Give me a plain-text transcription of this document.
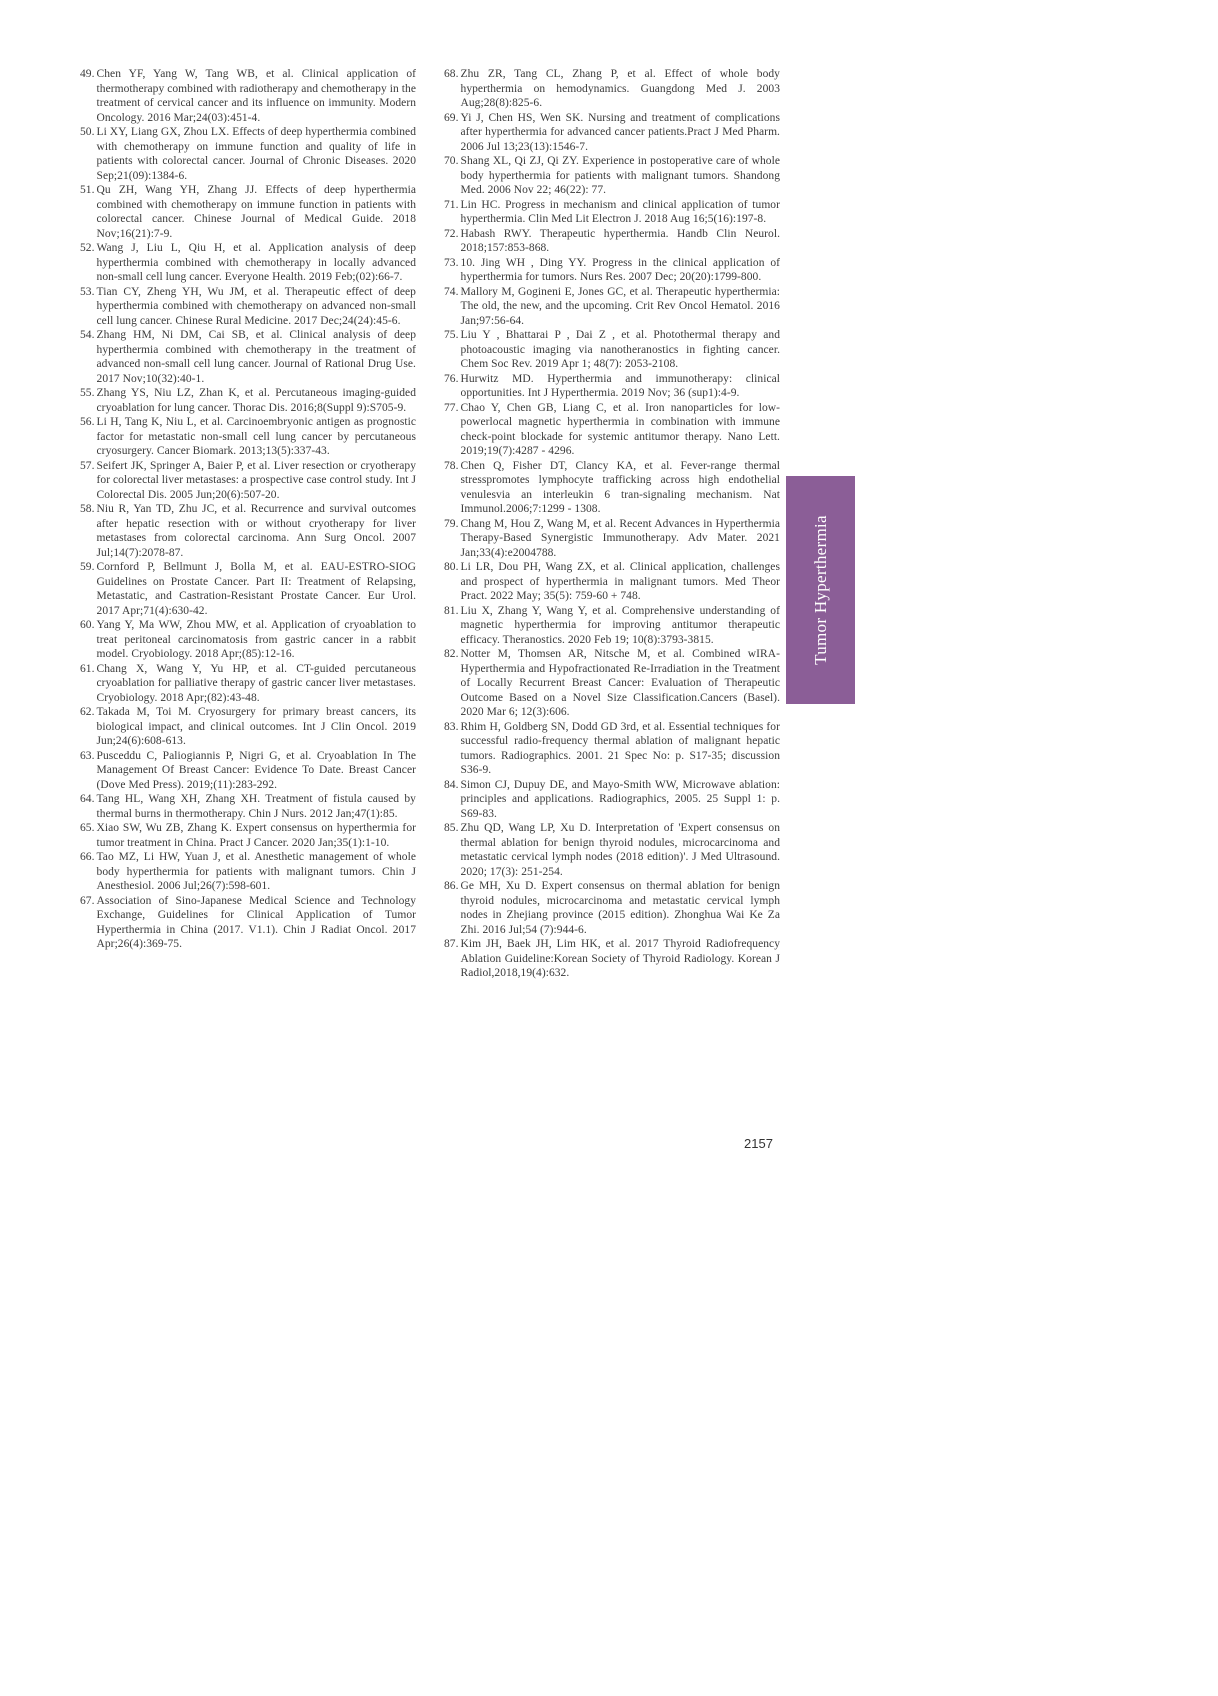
49. Chen YF, Yang W, Tang WB, et al. Clinical application of thermotherapy combined with radiotherapy and chemotherapy in the treatment of cervical cancer and its influence on immunity. Modern Oncology. 2016 Mar;24(03):451-4.
50. Li XY, Liang GX, Zhou LX. Effects of deep hyperthermia combined with chemotherapy on immune function and quality of life in patients with colorectal cancer. Journal of Chronic Diseases. 2020 Sep;21(09):1384-6.
51. Qu ZH, Wang YH, Zhang JJ. Effects of deep hyperthermia combined with chemotherapy on immune function in patients with colorectal cancer. Chinese Journal of Medical Guide. 2018 Nov;16(21):7-9.
52. Wang J, Liu L, Qiu H, et al. Application analysis of deep hyperthermia combined with chemotherapy in locally advanced non-small cell lung cancer. Everyone Health. 2019 Feb;(02):66-7.
53. Tian CY, Zheng YH, Wu JM, et al. Therapeutic effect of deep hyperthermia combined with chemotherapy on advanced non-small cell lung cancer. Chinese Rural Medicine. 2017 Dec;24(24):45-6.
54. Zhang HM, Ni DM, Cai SB, et al. Clinical analysis of deep hyperthermia combined with chemotherapy in the treatment of advanced non-small cell lung cancer. Journal of Rational Drug Use. 2017 Nov;10(32):40-1.
55. Zhang YS, Niu LZ, Zhan K, et al. Percutaneous imaging-guided cryoablation for lung cancer. Thorac Dis. 2016;8(Suppl 9):S705-9.
56. Li H, Tang K, Niu L, et al. Carcinoembryonic antigen as prognostic factor for metastatic non-small cell lung cancer by percutaneous cryosurgery. Cancer Biomark. 2013;13(5):337-43.
57. Seifert JK, Springer A, Baier P, et al. Liver resection or cryotherapy for colorectal liver metastases: a prospective case control study. Int J Colorectal Dis. 2005 Jun;20(6):507-20.
58. Niu R, Yan TD, Zhu JC, et al. Recurrence and survival outcomes after hepatic resection with or without cryotherapy for liver metastases from colorectal carcinoma. Ann Surg Oncol. 2007 Jul;14(7):2078-87.
59. Cornford P, Bellmunt J, Bolla M, et al. EAU-ESTRO-SIOG Guidelines on Prostate Cancer. Part II: Treatment of Relapsing, Metastatic, and Castration-Resistant Prostate Cancer. Eur Urol. 2017 Apr;71(4):630-42.
60. Yang Y, Ma WW, Zhou MW, et al. Application of cryoablation to treat peritoneal carcinomatosis from gastric cancer in a rabbit model. Cryobiology. 2018 Apr;(85):12-16.
61. Chang X, Wang Y, Yu HP, et al. CT-guided percutaneous cryoablation for palliative therapy of gastric cancer liver metastases. Cryobiology. 2018 Apr;(82):43-48.
62. Takada M, Toi M. Cryosurgery for primary breast cancers, its biological impact, and clinical outcomes. Int J Clin Oncol. 2019 Jun;24(6):608-613.
63. Pusceddu C, Paliogiannis P, Nigri G, et al. Cryoablation In The Management Of Breast Cancer: Evidence To Date. Breast Cancer (Dove Med Press). 2019;(11):283-292.
64. Tang HL, Wang XH, Zhang XH. Treatment of fistula caused by thermal burns in thermotherapy. Chin J Nurs. 2012 Jan;47(1):85.
65. Xiao SW, Wu ZB, Zhang K. Expert consensus on hyperthermia for tumor treatment in China. Pract J Cancer. 2020 Jan;35(1):1-10.
66. Tao MZ, Li HW, Yuan J, et al. Anesthetic management of whole body hyperthermia for patients with malignant tumors. Chin J Anesthesiol. 2006 Jul;26(7):598-601.
67. Association of Sino-Japanese Medical Science and Technology Exchange, Guidelines for Clinical Application of Tumor Hyperthermia in China (2017. V1.1). Chin J Radiat Oncol. 2017 Apr;26(4):369-75.
68. Zhu ZR, Tang CL, Zhang P, et al. Effect of whole body hyperthermia on hemodynamics. Guangdong Med J. 2003 Aug;28(8):825-6.
69. Yi J, Chen HS, Wen SK. Nursing and treatment of complications after hyperthermia for advanced cancer patients.Pract J Med Pharm. 2006 Jul 13;23(13):1546-7.
70. Shang XL, Qi ZJ, Qi ZY. Experience in postoperative care of whole body hyperthermia for patients with malignant tumors. Shandong Med. 2006 Nov 22; 46(22): 77.
71. Lin HC. Progress in mechanism and clinical application of tumor hyperthermia. Clin Med Lit Electron J. 2018 Aug 16;5(16):197-8.
72. Habash RWY. Therapeutic hyperthermia. Handb Clin Neurol. 2018;157:853-868.
73. 10. Jing WH , Ding YY. Progress in the clinical application of hyperthermia for tumors. Nurs Res. 2007 Dec; 20(20):1799-800.
74. Mallory M, Gogineni E, Jones GC, et al. Therapeutic hyperthermia: The old, the new, and the upcoming. Crit Rev Oncol Hematol. 2016 Jan;97:56-64.
75. Liu Y , Bhattarai P , Dai Z , et al. Photothermal therapy and photoacoustic imaging via nanotheranostics in fighting cancer. Chem Soc Rev. 2019 Apr 1; 48(7): 2053-2108.
76. Hurwitz MD. Hyperthermia and immunotherapy: clinical opportunities. Int J Hyperthermia. 2019 Nov; 36 (sup1):4-9.
77. Chao Y, Chen GB, Liang C, et al. Iron nanoparticles for low-powerlocal magnetic hyperthermia in combination with immune check-point blockade for systemic antitumor therapy. Nano Lett. 2019;19(7):4287 - 4296.
78. Chen Q, Fisher DT, Clancy KA, et al. Fever-range thermal stresspromotes lymphocyte trafficking across high endothelial venulesvia an interleukin 6 tran-signaling mechanism. Nat Immunol.2006;7:1299 - 1308.
79. Chang M, Hou Z, Wang M, et al. Recent Advances in Hyperthermia Therapy-Based Synergistic Immunotherapy. Adv Mater. 2021 Jan;33(4):e2004788.
80. Li LR, Dou PH, Wang ZX, et al. Clinical application, challenges and prospect of hyperthermia in malignant tumors. Med Theor Pract. 2022 May; 35(5): 759-60 + 748.
81. Liu X, Zhang Y, Wang Y, et al. Comprehensive understanding of magnetic hyperthermia for improving antitumor therapeutic efficacy. Theranostics. 2020 Feb 19; 10(8):3793-3815.
82. Notter M, Thomsen AR, Nitsche M, et al. Combined wIRA-Hyperthermia and Hypofractionated Re-Irradiation in the Treatment of Locally Recurrent Breast Cancer: Evaluation of Therapeutic Outcome Based on a Novel Size Classification.Cancers (Basel). 2020 Mar 6; 12(3):606.
83. Rhim H, Goldberg SN, Dodd GD 3rd, et al. Essential techniques for successful radio-frequency thermal ablation of malignant hepatic tumors. Radiographics. 2001. 21 Spec No: p. S17-35; discussion S36-9.
84. Simon CJ, Dupuy DE, and Mayo-Smith WW, Microwave ablation: principles and applications. Radiographics, 2005. 25 Suppl 1: p. S69-83.
85. Zhu QD, Wang LP, Xu D. Interpretation of 'Expert consensus on thermal ablation for benign thyroid nodules, microcarcinoma and metastatic cervical lymph nodes (2018 edition)'. J Med Ultrasound. 2020; 17(3): 251-254.
86. Ge MH, Xu D. Expert consensus on thermal ablation for benign thyroid nodules, microcarcinoma and metastatic cervical lymph nodes in Zhejiang province (2015 edition). Zhonghua Wai Ke Za Zhi. 2016 Jul;54 (7):944-6.
87. Kim JH, Baek JH, Lim HK, et al. 2017 Thyroid Radiofrequency Ablation Guideline:Korean Society of Thyroid Radiology. Korean J Radiol,2018,19(4):632.
Tumor Hyperthermia
2157
